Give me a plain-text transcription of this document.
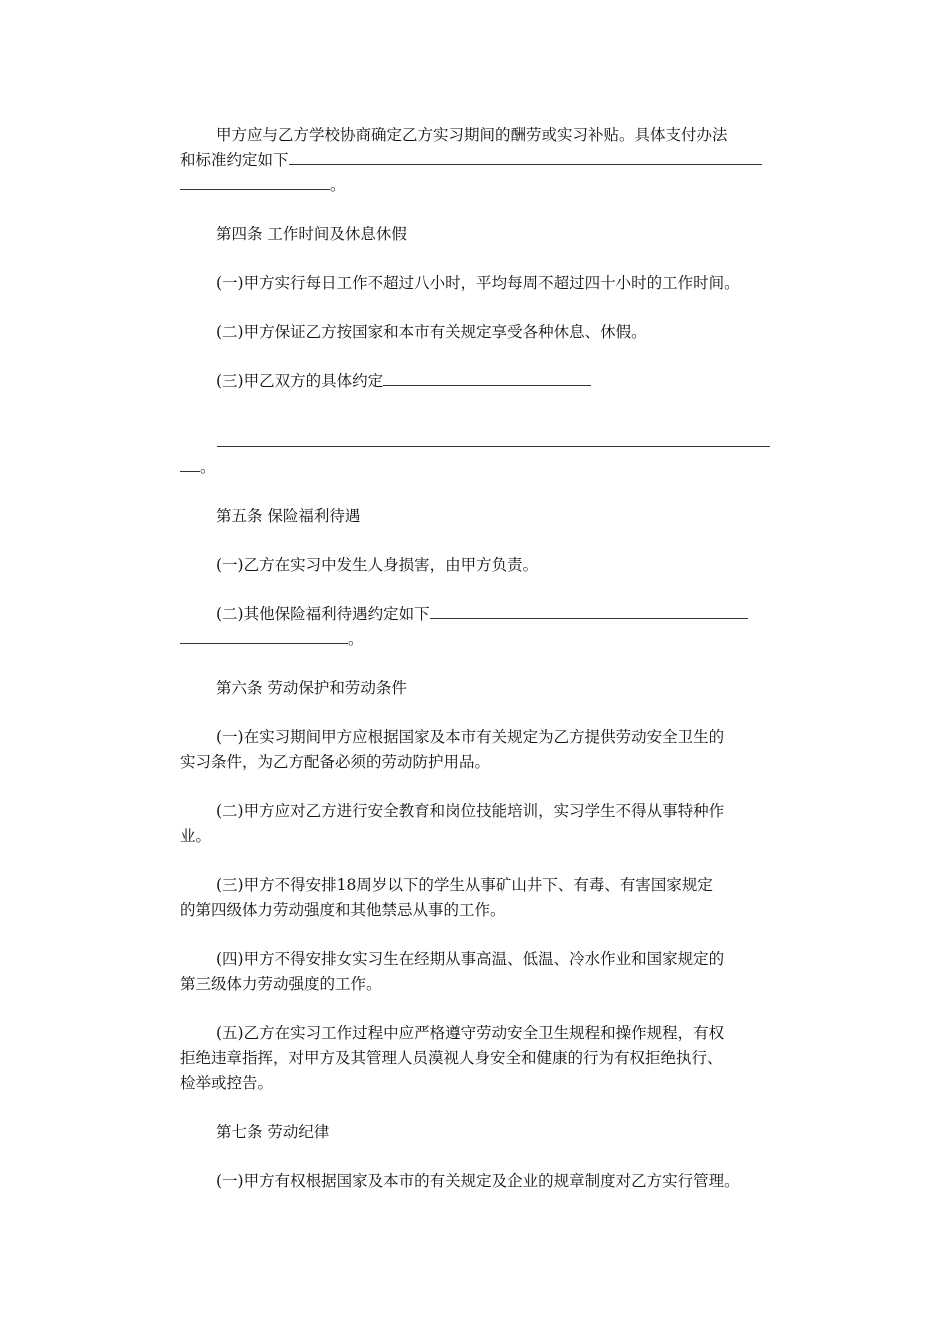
甲方应与乙方学校协商确定乙方实习期间的酬劳或实习补贴。具体支付办法
和标准约定如下
。

第四条 工作时间及休息休假

(一)甲方实行每日工作不超过八小时，平均每周不超过四十小时的工作时间。

(二)甲方保证乙方按国家和本市有关规定享受各种休息、休假。

(三)甲乙双方的具体约定

。

第五条 保险福利待遇

(一)乙方在实习中发生人身损害，由甲方负责。

(二)其他保险福利待遇约定如下
。

第六条 劳动保护和劳动条件

(一)在实习期间甲方应根据国家及本市有关规定为乙方提供劳动安全卫生的
实习条件，为乙方配备必须的劳动防护用品。
(二)甲方应对乙方进行安全教育和岗位技能培训，实习学生不得从事特种作
业。
(三)甲方不得安排18周岁以下的学生从事矿山井下、有毒、有害国家规定
的第四级体力劳动强度和其他禁忌从事的工作。
(四)甲方不得安排女实习生在经期从事高温、低温、冷水作业和国家规定的
第三级体力劳动强度的工作。
(五)乙方在实习工作过程中应严格遵守劳动安全卫生规程和操作规程，有权
拒绝违章指挥，对甲方及其管理人员漠视人身安全和健康的行为有权拒绝执行、
检举或控告。

第七条 劳动纪律

(一)甲方有权根据国家及本市的有关规定及企业的规章制度对乙方实行管理。
